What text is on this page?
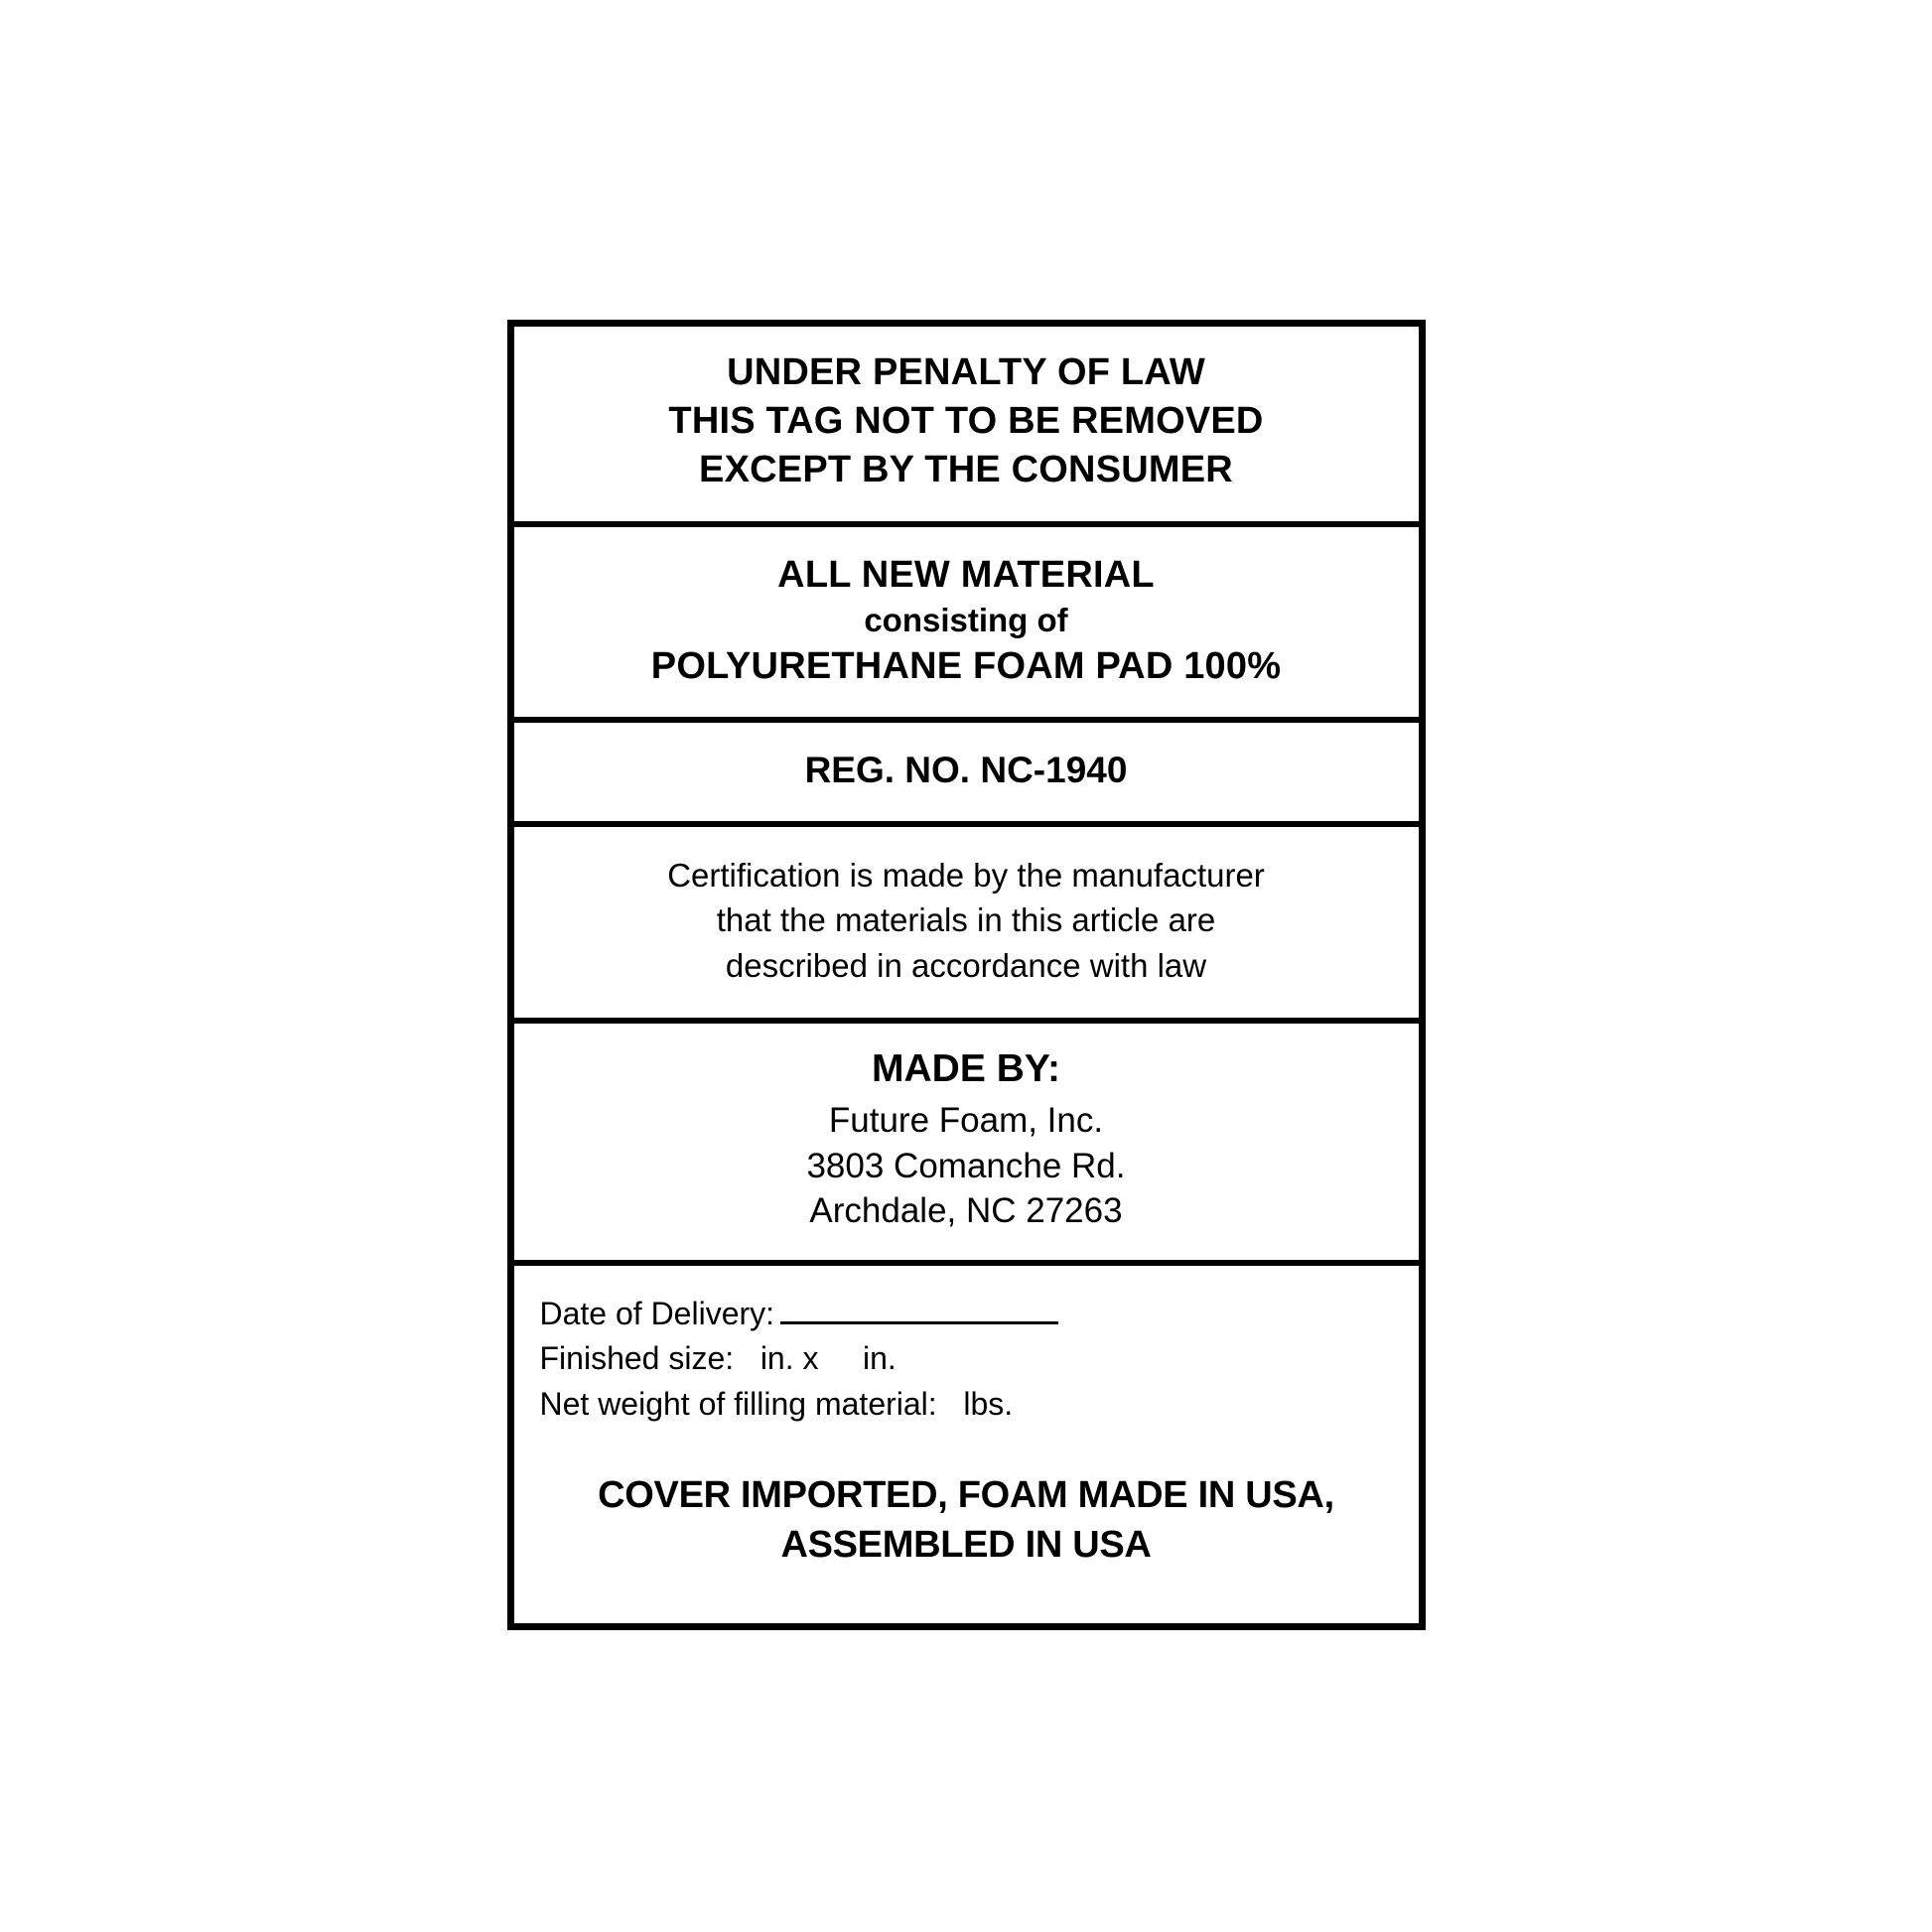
UNDER PENALTY OF LAW
THIS TAG NOT TO BE REMOVED
EXCEPT BY THE CONSUMER
ALL NEW MATERIAL
consisting of
POLYURETHANE FOAM PAD 100%
REG. NO. NC-1940
Certification is made by the manufacturer
that the materials in this article are
described in accordance with law
MADE BY:
Future Foam, Inc.
3803 Comanche Rd.
Archdale, NC 27263
Date of Delivery:
Finished size: in. x     in.
Net weight of filling material: lbs.
COVER IMPORTED, FOAM MADE IN USA,
ASSEMBLED IN USA
